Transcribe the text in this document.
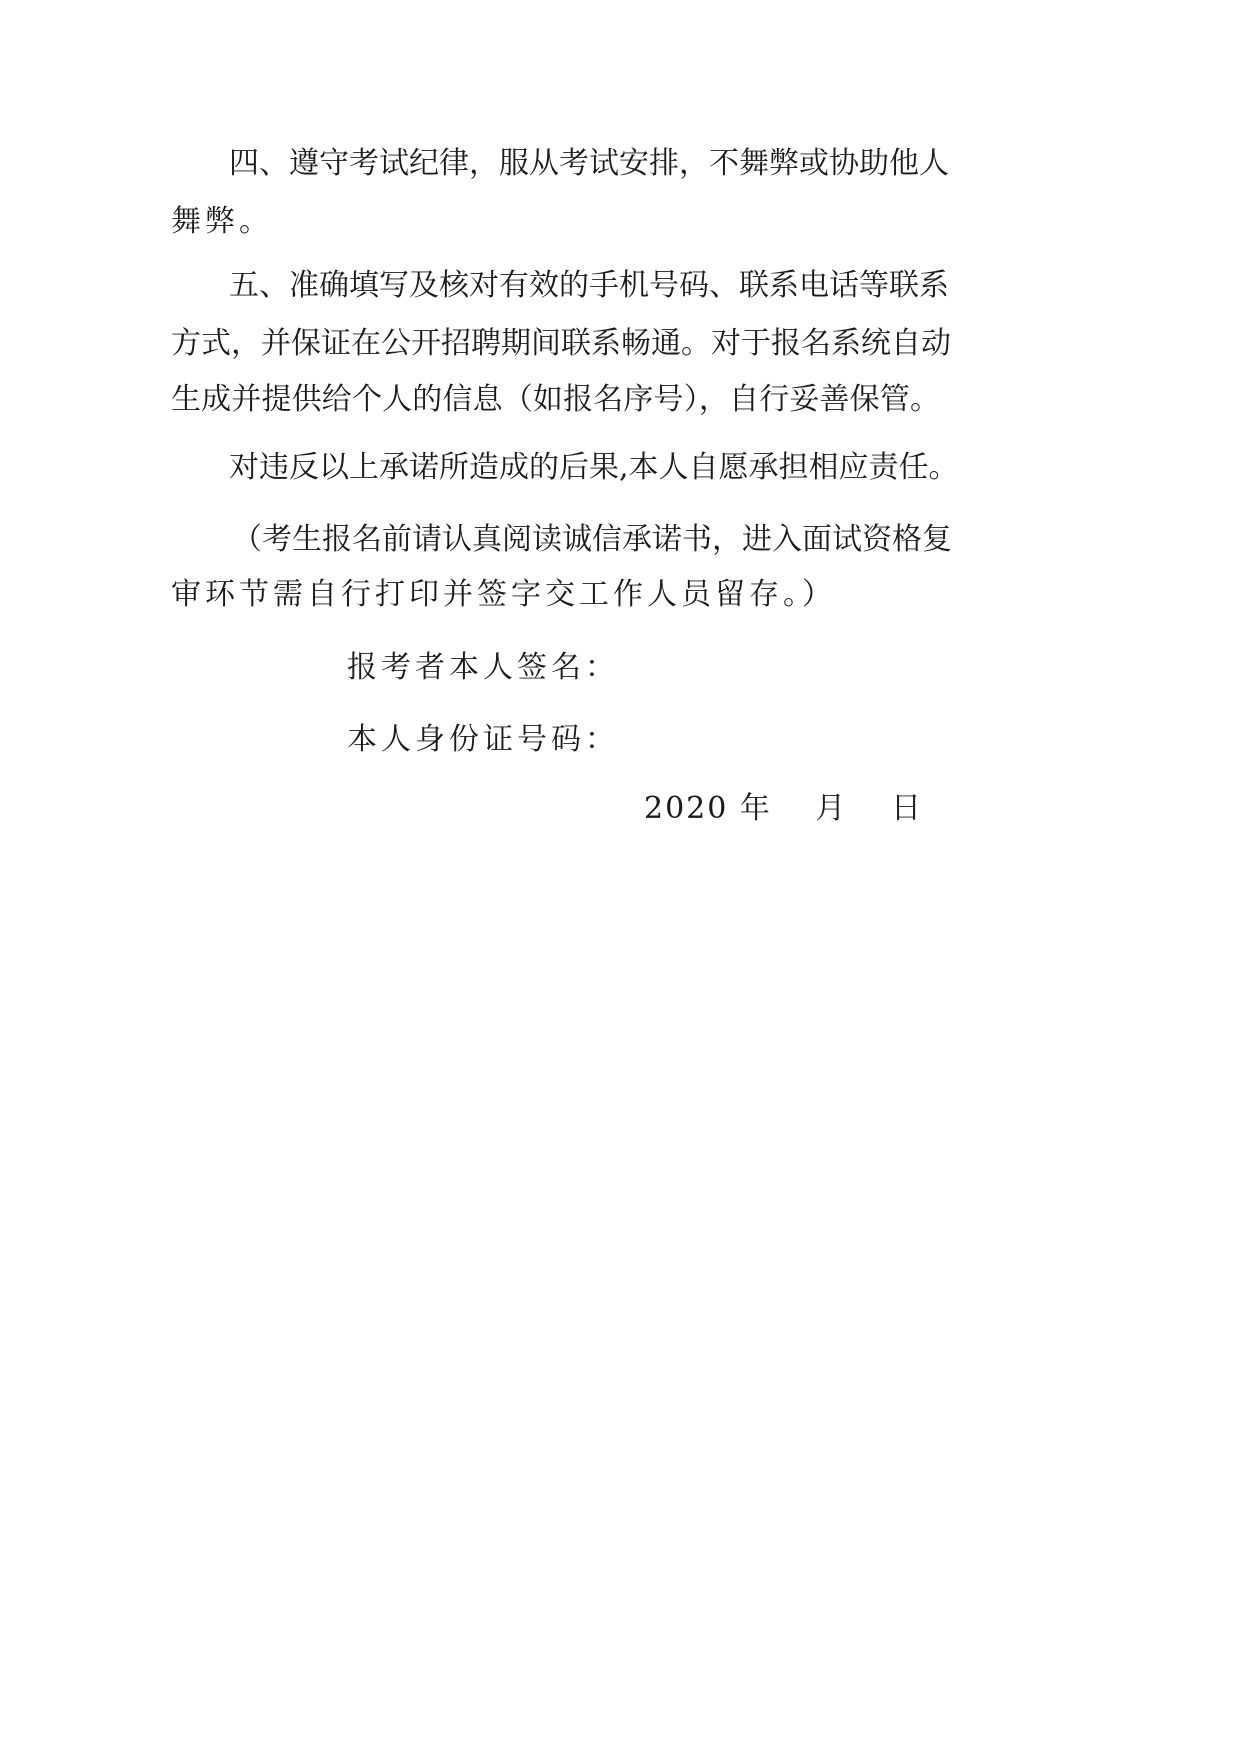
四、遵守考试纪律，服从考试安排，不舞弊或协助他人
舞弊。
五、准确填写及核对有效的手机号码、联系电话等联系
方式，并保证在公开招聘期间联系畅通。对于报名系统自动
生成并提供给个人的信息（如报名序号），自行妥善保管。
对违反以上承诺所造成的后果,本人自愿承担相应责任。
（考生报名前请认真阅读诚信承诺书，进入面试资格复
审环节需自行打印并签字交工作人员留存。）
报考者本人签名：
本人身份证号码：
2020 年　 月　 日
